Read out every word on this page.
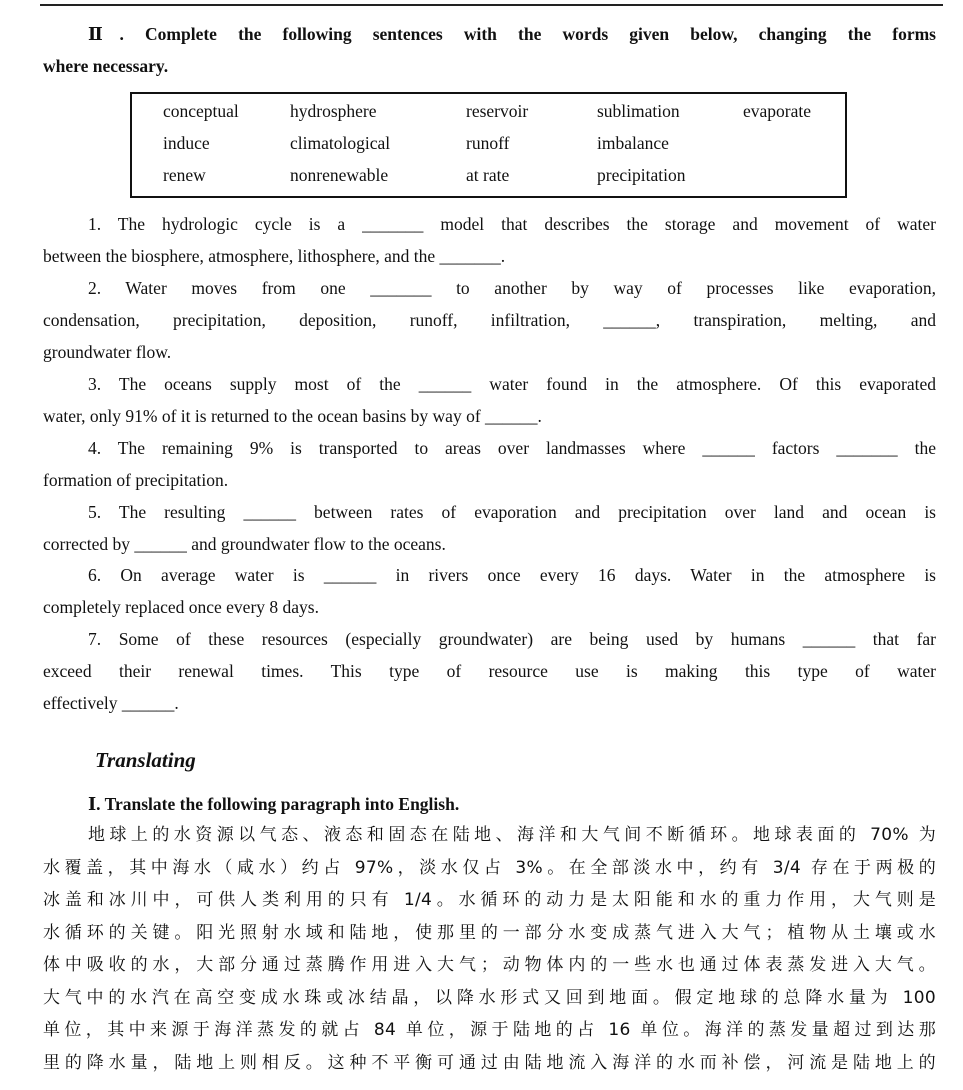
Ⅱ. Complete the following sentences with the words given below, changing the forms
where necessary.
conceptual	hydrosphere	reservoir	sublimation	evaporate
induce	climatological	runoff	imbalance
renew	nonrenewable	at rate	precipitation
1. The hydrologic cycle is a _______ model that describes the storage and movement of water
between the biosphere, atmosphere, lithosphere, and the _______.
2. Water moves from one _______ to another by way of processes like evaporation,
condensation, precipitation, deposition, runoff, infiltration, ______, transpiration, melting, and
groundwater flow.
3. The oceans supply most of the ______ water found in the atmosphere. Of this evaporated
water, only 91% of it is returned to the ocean basins by way of ______.
4. The remaining 9% is transported to areas over landmasses where ______ factors _______ the
formation of precipitation.
5. The resulting ______ between rates of evaporation and precipitation over land and ocean is
corrected by ______ and groundwater flow to the oceans.
6. On average water is ______ in rivers once every 16 days. Water in the atmosphere is
completely replaced once every 8 days.
7. Some of these resources (especially groundwater) are being used by humans ______ that far
exceed their renewal times. This type of resource use is making this type of water
effectively ______.
Translating
Ⅰ. Translate the following paragraph into English.
地球上的水资源以气态、液态和固态在陆地、海洋和大气间不断循环。地球表面的 70% 为
水覆盖，其中海水（咸水）约占 97%，淡水仅占 3%。在全部淡水中，约有 3/4 存在于两极的
冰盖和冰川中，可供人类利用的只有 1/4。水循环的动力是太阳能和水的重力作用，大气则是
水循环的关键。阳光照射水域和陆地，使那里的一部分水变成蒸气进入大气；植物从土壤或水
体中吸收的水，大部分通过蒸腾作用进入大气；动物体内的一些水也通过体表蒸发进入大气。
大气中的水汽在高空变成水珠或冰结晶，以降水形式又回到地面。假定地球的总降水量为 100
单位，其中来源于海洋蒸发的就占 84 单位，源于陆地的占 16 单位。海洋的蒸发量超过到达那
里的降水量，陆地上则相反。这种不平衡可通过由陆地流入海洋的水而补偿，河流是陆地上的
